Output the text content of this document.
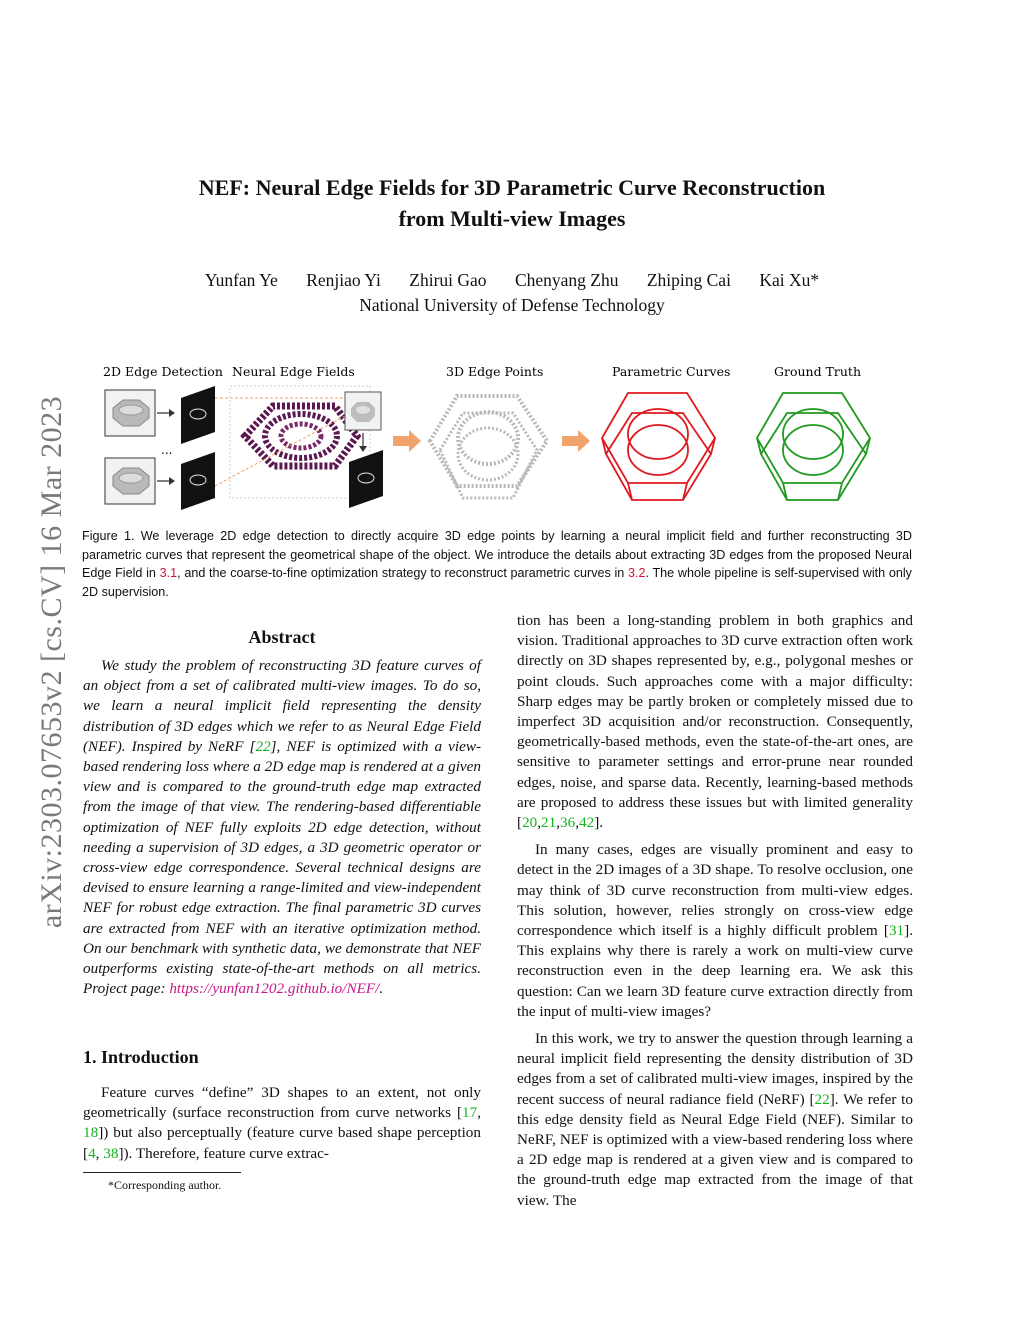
NEF: Neural Edge Fields for 3D Parametric Curve Reconstruction
from Multi-view Images
Yunfan Ye Renjiao Yi Zhirui Gao Chenyang Zhu Zhiping Cai Kai Xu*
National University of Defense Technology
arXiv:2303.07653v2 [cs.CV] 16 Mar 2023
2D Edge Detection Neural Edge Fields	3D Edge Points	Parametric Curves	Ground Truth
...
Figure 1. We leverage 2D edge detection to directly acquire 3D edge points by learning a neural implicit field and further reconstructing 3D parametric curves that represent the geometrical shape of the object. We introduce the details about extracting 3D edges from the proposed Neural Edge Field in 3.1, and the coarse-to-fine optimization strategy to reconstruct parametric curves in 3.2. The whole pipeline is self-supervised with only 2D supervision.
Abstract
We study the problem of reconstructing 3D feature curves of an object from a set of calibrated multi-view images. To do so, we learn a neural implicit field representing the density distribution of 3D edges which we refer to as Neural Edge Field (NEF). Inspired by NeRF [22], NEF is optimized with a view-based rendering loss where a 2D edge map is rendered at a given view and is compared to the ground-truth edge map extracted from the image of that view. The rendering-based differentiable optimization of NEF fully exploits 2D edge detection, without needing a supervision of 3D edges, a 3D geometric operator or cross-view edge correspondence. Several technical designs are devised to ensure learning a range-limited and view-independent NEF for robust edge extraction. The final parametric 3D curves are extracted from NEF with an iterative optimization method. On our benchmark with synthetic data, we demonstrate that NEF outperforms existing state-of-the-art methods on all metrics. Project page: https://yunfan1202.github.io/NEF/.
1. Introduction
Feature curves “define” 3D shapes to an extent, not only geometrically (surface reconstruction from curve networks [17, 18]) but also perceptually (feature curve based shape perception [4, 38]). Therefore, feature curve extrac-
*Corresponding author.

tion has been a long-standing problem in both graphics and vision. Traditional approaches to 3D curve extraction often work directly on 3D shapes represented by, e.g., polygonal meshes or point clouds. Such approaches come with a major difficulty: Sharp edges may be partly broken or completely missed due to imperfect 3D acquisition and/or reconstruction. Consequently, geometrically-based methods, even the state-of-the-art ones, are sensitive to parameter settings and error-prune near rounded edges, noise, and sparse data. Recently, learning-based methods are proposed to address these issues but with limited generality [20,21,36,42].

In many cases, edges are visually prominent and easy to detect in the 2D images of a 3D shape. To resolve occlusion, one may think of 3D curve reconstruction from multi-view edges. This solution, however, relies strongly on cross-view edge correspondence which itself is a highly difficult problem [31]. This explains why there is rarely a work on multi-view curve reconstruction even in the deep learning era. We ask this question: Can we learn 3D feature curve extraction directly from the input of multi-view images?

In this work, we try to answer the question through learning a neural implicit field representing the density distribution of 3D edges from a set of calibrated multi-view images, inspired by the recent success of neural radiance field (NeRF) [22]. We refer to this edge density field as Neural Edge Field (NEF). Similar to NeRF, NEF is optimized with a view-based rendering loss where a 2D edge map is rendered at a given view and is compared to the ground-truth edge map extracted from the image of that view. The
